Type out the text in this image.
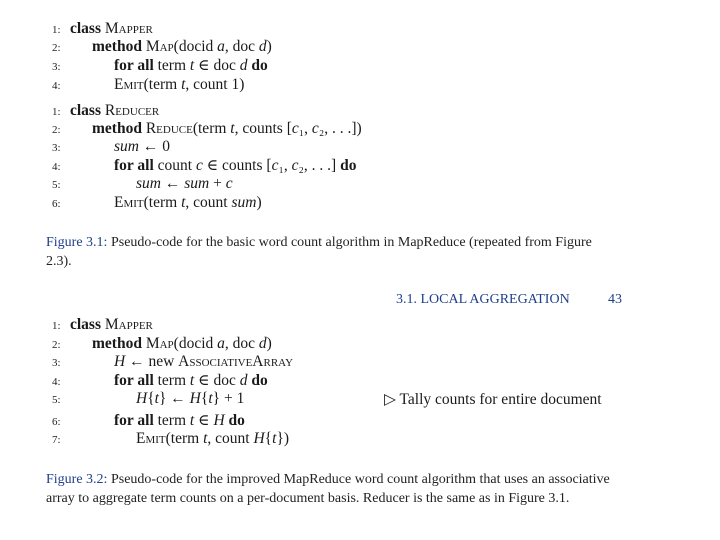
1: class Mapper
2: method Map(docid a, doc d)
3:	for all term t ∈ doc d do
4:	Emit(term t, count 1)
1: class Reducer
2: method Reduce(term t, counts [c₁, c₂, . . .])
3:	sum ← 0
4:	for all count c ∈ counts [c₁, c₂, . . .] do
5:	sum ← sum + c
6:	Emit(term t, count sum)
Figure 3.1: Pseudo-code for the basic word count algorithm in MapReduce (repeated from Figure 2.3).
3.1. LOCAL AGGREGATION	43
1: class Mapper
2: method Map(docid a, doc d)
3:	H ← new AssociativeArray
4:	for all term t ∈ doc d do
5:	H{t} ← H{t} + 1
6:	for all term t ∈ H do
7:	Emit(term t, count H{t})
▷ Tally counts for entire document
Figure 3.2: Pseudo-code for the improved MapReduce word count algorithm that uses an associative array to aggregate term counts on a per-document basis. Reducer is the same as in Figure 3.1.
